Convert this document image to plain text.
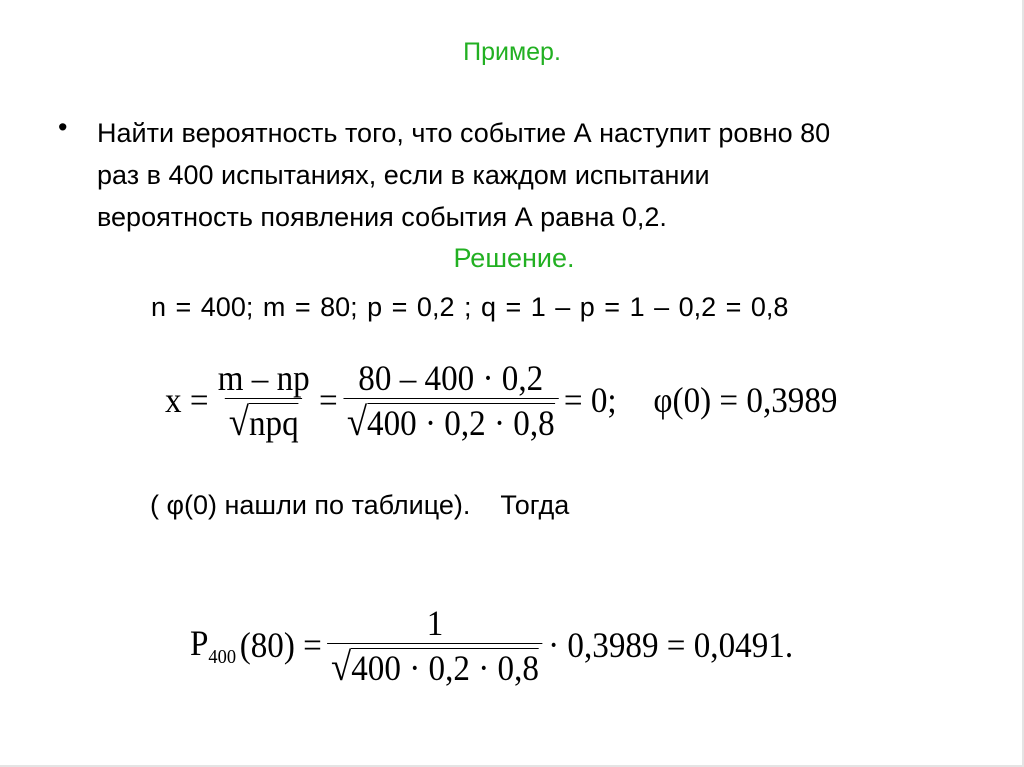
Пример.
• Найти вероятность того, что событие А наступит ровно 80
раз в 400 испытаниях, если в каждом испытании
вероятность появления события А равна 0,2.
Решение.
n = 400; m = 80; p = 0,2 ; q = 1 – p = 1 – 0,2 = 0,8
$x = \frac{m - np}{\text{√ npq}} = \frac{80 - 400 \cdot 0,2}{√ 400 \cdot 0,2 \cdot 0,8} = 0$; φ(0) = 0,3989
( φ(0) нашли по таблице).    Тогда
$P_{400}$ $(80) = \frac{1}{√ 400 \cdot 0,2 \cdot 0,8} \cdot 0,3989 = 0,0491$.
